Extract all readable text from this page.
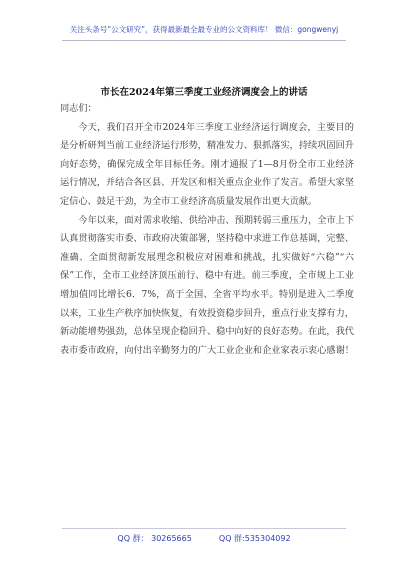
关注头条号“公文研究”，获得最新最全最专业的公文资料库！ 微信：gongwenyj
市长在2024年第三季度工业经济调度会上的讲话

同志们：

今天，我们召开全市2024年三季度工业经济运行调度会，主要目的是分析研判当前工业经济运行形势，精准发力、狠抓落实，持续巩固回升向好态势，确保完成全年目标任务。刚才通报了1—8月份全市工业经济运行情况，并结合各区县、开发区和相关重点企业作了发言。希望大家坚定信心、鼓足干劲，为全市工业经济高质量发展作出更大贡献。

今年以来，面对需求收缩、供给冲击、预期转弱三重压力，全市上下认真贯彻落实市委、市政府决策部署，坚持稳中求进工作总基调，完整、准确、全面贯彻新发展理念积极应对困难和挑战，扎实做好“六稳”“六保”工作，全市工业经济顶压前行、稳中有进。前三季度，全市规上工业增加值同比增长6．7%，高于全国、全省平均水平。特别是进入二季度以来，工业生产秩序加快恢复，有效投资稳步回升，重点行业支撑有力，新动能增势强劲，总体呈现企稳回升、稳中向好的良好态势。在此，我代表市委市政府，向付出辛勤努力的广大工业企业和企业家表示衷心感谢！

QQ 群： 30265665	QQ 群:535304092
